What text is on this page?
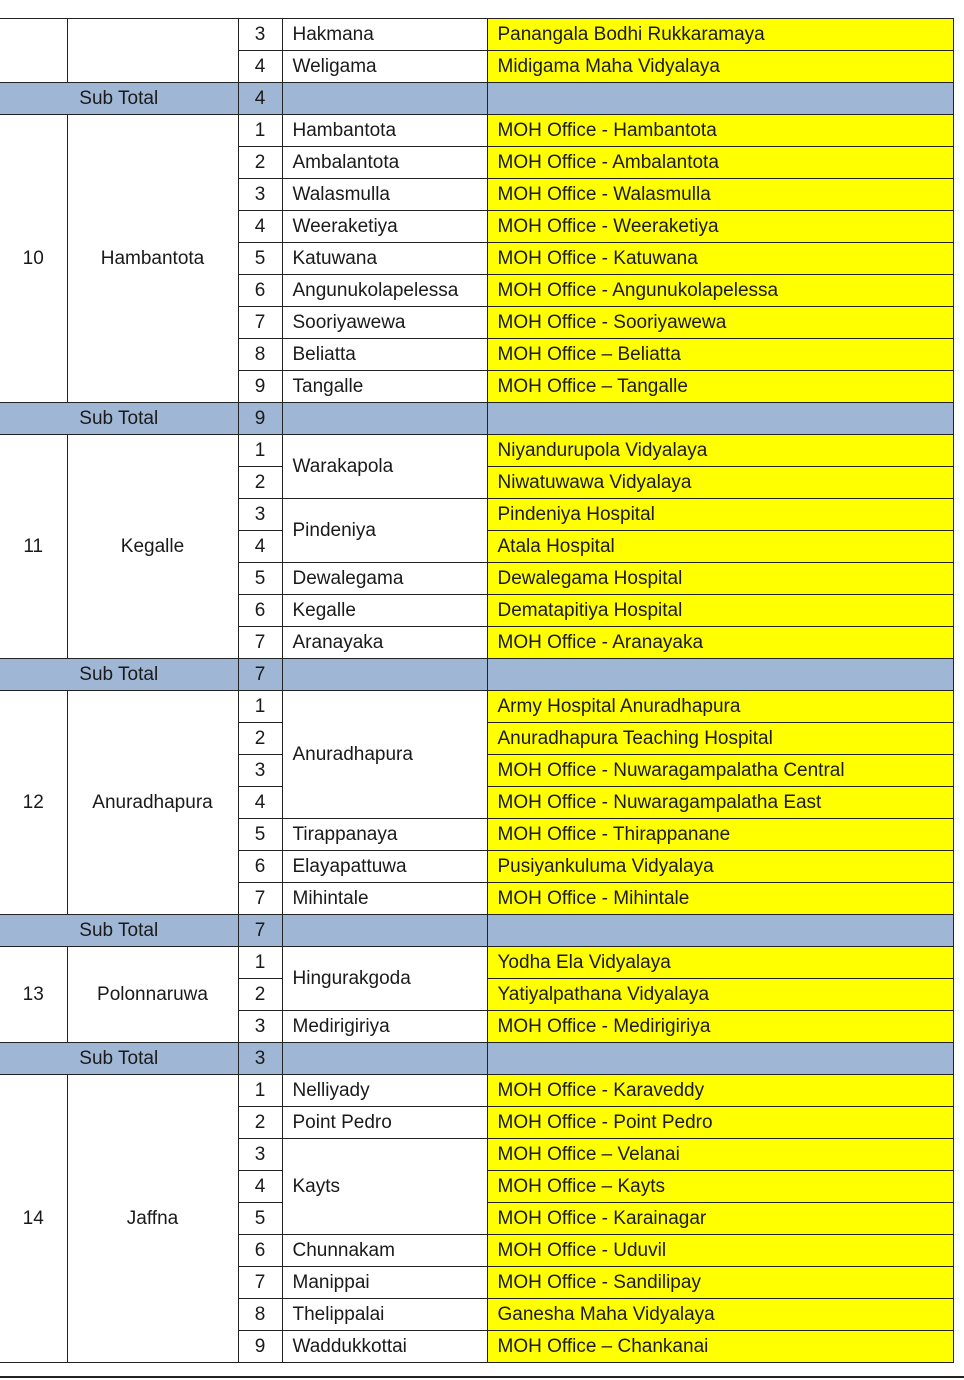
		3	Hakmana	Panangala Bodhi Rukkaramaya
		4	Weligama	Midigama Maha Vidyalaya
Sub Total		4		
10	Hambantota	1	Hambantota	MOH Office - Hambantota
		2	Ambalantota	MOH Office - Ambalantota
		3	Walasmulla	MOH Office - Walasmulla
		4	Weeraketiya	MOH Office - Weeraketiya
		5	Katuwana	MOH Office - Katuwana
		6	Angunukolapelessa	MOH Office - Angunukolapelessa
		7	Sooriyawewa	MOH Office - Sooriyawewa
		8	Beliatta	MOH Office – Beliatta
		9	Tangalle	MOH Office – Tangalle
Sub Total		9		
11	Kegalle	1	Warakapola	Niyandurupola Vidyalaya
		2		Niwatuwawa Vidyalaya
		3	Pindeniya	Pindeniya Hospital
		4		Atala Hospital
		5	Dewalegama	Dewalegama Hospital
		6	Kegalle	Dematapitiya Hospital
		7	Aranayaka	MOH Office - Aranayaka
Sub Total		7		
12	Anuradhapura	1	Anuradhapura	Army Hospital Anuradhapura
		2		Anuradhapura Teaching Hospital
		3		MOH Office - Nuwaragampalatha Central
		4		MOH Office - Nuwaragampalatha East
		5	Tirappanaya	MOH Office - Thirappanane
		6	Elayapattuwa	Pusiyankuluma Vidyalaya
		7	Mihintale	MOH Office - Mihintale
Sub Total		7		
13	Polonnaruwa	1	Hingurakgoda	Yodha Ela Vidyalaya
		2		Yatiyalpathana Vidyalaya
		3	Medirigiriya	MOH Office - Medirigiriya
Sub Total		3		
14	Jaffna	1	Nelliyady	MOH Office - Karaveddy
		2	Point Pedro	MOH Office - Point Pedro
		3	Kayts	MOH Office – Velanai
		4		MOH Office – Kayts
		5		MOH Office - Karainagar
		6	Chunnakam	MOH Office - Uduvil
		7	Manippai	MOH Office - Sandilipay
		8	Thelippalai	Ganesha Maha Vidyalaya
		9	Waddukkottai	MOH Office – Chankanai
